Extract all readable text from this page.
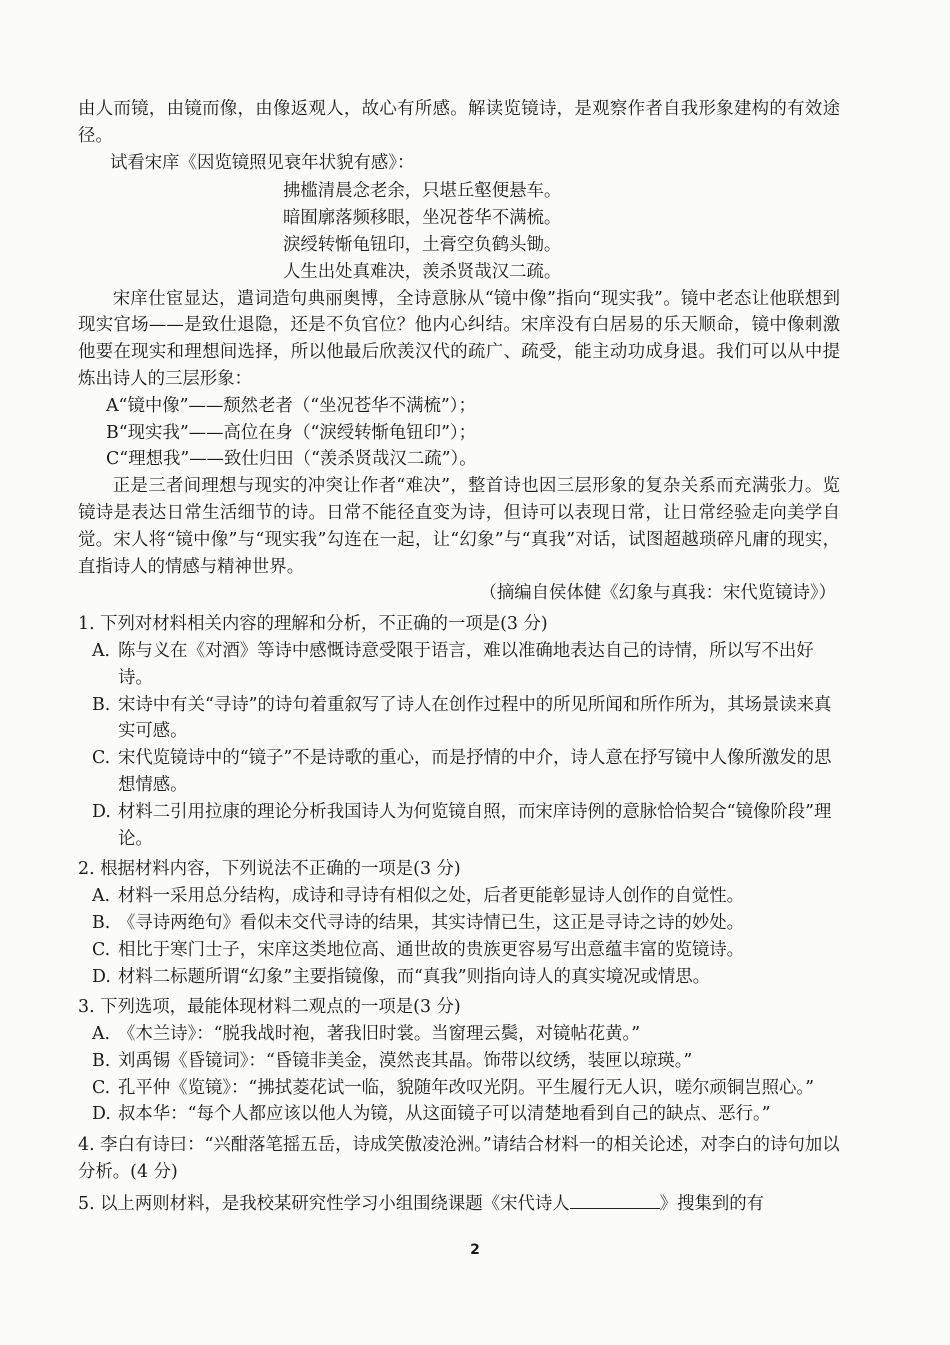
由人而镜，由镜而像，由像返观人，故心有所感。解读览镜诗，是观察作者自我形象建构的有效途径。

试看宋庠《因览镜照见衰年状貌有感》：

拂槛清晨念老余，只堪丘壑便悬车。

暗囿廓落频移眼，坐况苍华不满梳。

淚绶转惭龟钮印，土膏空负鹤头锄。

人生出处真难决，羡杀贤哉汉二疏。

宋庠仕宦显达，遣词造句典丽奥博，全诗意脉从“镜中像”指向“现实我”。镜中老态让他联想到现实官场——是致仕退隐，还是不负官位？他内心纠结。宋庠没有白居易的乐天顺命，镜中像刺激他要在现实和理想间选择，所以他最后欣羡汉代的疏广、疏受，能主动功成身退。我们可以从中提炼出诗人的三层形象：

A“镜中像”——颓然老者（“坐况苍华不满梳”）；

B“现实我”——高位在身（“淚绶转惭龟钮印”）；

C“理想我”——致仕归田（“羡杀贤哉汉二疏”）。

正是三者间理想与现实的冲突让作者“难决”，整首诗也因三层形象的复杂关系而充满张力。览镜诗是表达日常生活细节的诗。日常不能径直变为诗，但诗可以表现日常，让日常经验走向美学自觉。宋人将“镜中像”与“现实我”勾连在一起，让“幻象”与“真我”对话，试图超越琐碎凡庸的现实，直指诗人的情感与精神世界。

（摘编自侯体健《幻象与真我：宋代览镜诗》）

1. 下列对材料相关内容的理解和分析，不正确的一项是(3 分)

A. 陈与义在《对酒》等诗中感慨诗意受限于语言，难以准确地表达自己的诗情，所以写不出好诗。

B. 宋诗中有关“寻诗”的诗句着重叙写了诗人在创作过程中的所见所闻和所作所为，其场景读来真实可感。

C. 宋代览镜诗中的“镜子”不是诗歌的重心，而是抒情的中介，诗人意在抒写镜中人像所激发的思想情感。

D. 材料二引用拉康的理论分析我国诗人为何览镜自照，而宋庠诗例的意脉恰恰契合“镜像阶段”理论。

2. 根据材料内容，下列说法不正确的一项是(3 分)

A. 材料一采用总分结构，成诗和寻诗有相似之处，后者更能彰显诗人创作的自觉性。

B. 《寻诗两绝句》看似未交代寻诗的结果，其实诗情已生，这正是寻诗之诗的妙处。

C. 相比于寒门士子，宋庠这类地位高、通世故的贵族更容易写出意蕴丰富的览镜诗。

D. 材料二标题所谓“幻象”主要指镜像，而“真我”则指向诗人的真实境况或情思。

3. 下列选项，最能体现材料二观点的一项是(3 分)

A. 《木兰诗》：“脱我战时袍，著我旧时裳。当窗理云鬓，对镜帖花黄。”

B. 刘禹锡《昏镜词》：“昏镜非美金，漠然丧其晶。饰带以纹绣，装匣以琼瑛。”

C. 孔平仲《览镜》：“拂拭菱花试一临，貌随年改叹光阴。平生履行无人识，嗟尔顽铜岂照心。”

D. 叔本华：“每个人都应该以他人为镜，从这面镜子可以清楚地看到自己的缺点、恶行。”

4. 李白有诗曰：“兴酣落笔摇五岳，诗成笑傲凌沧洲。”请结合材料一的相关论述，对李白的诗句加以分析。(4 分)

5. 以上两则材料，是我校某研究性学习小组围绕课题《宋代诗人	》搜集到的有

2
